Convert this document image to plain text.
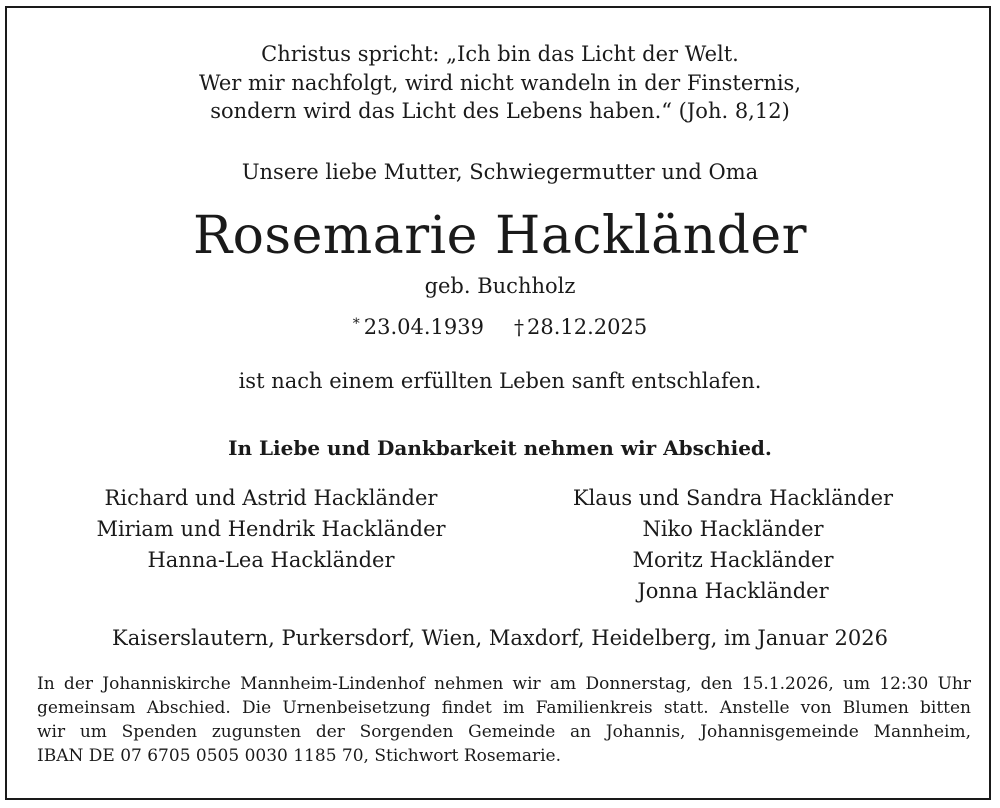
Christus spricht: „Ich bin das Licht der Welt.
Wer mir nachfolgt, wird nicht wandeln in der Finsternis,
sondern wird das Licht des Lebens haben.“ (Joh. 8,12)
Unsere liebe Mutter, Schwiegermutter und Oma
Rosemarie Hackländer
geb. Buchholz
* 23.04.1939 † 28.12.2025
ist nach einem erfüllten Leben sanft entschlafen.
In Liebe und Dankbarkeit nehmen wir Abschied.
Richard und Astrid Hackländer
Miriam und Hendrik Hackländer
Hanna-Lea Hackländer
Klaus und Sandra Hackländer
Niko Hackländer
Moritz Hackländer
Jonna Hackländer
Kaiserslautern, Purkersdorf, Wien, Maxdorf, Heidelberg, im Januar 2026
In der Johanniskirche Mannheim-Lindenhof nehmen wir am Donnerstag, den 15.1.2026, um 12:30 Uhr
gemeinsam Abschied. Die Urnenbeisetzung findet im Familienkreis statt. Anstelle von Blumen bitten
wir um Spenden zugunsten der Sorgenden Gemeinde an Johannis, Johannisgemeinde Mannheim,
IBAN DE 07 6705 0505 0030 1185 70, Stichwort Rosemarie.
